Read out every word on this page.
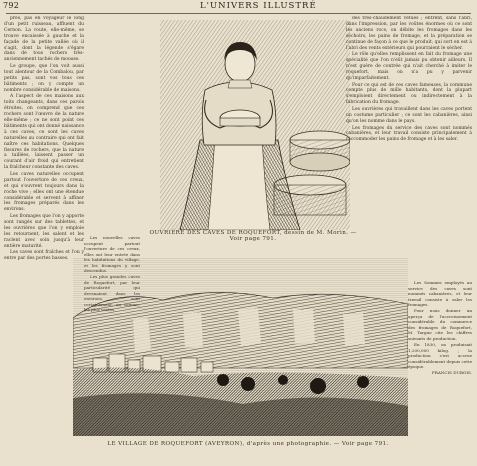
792	L'UNIVERS ILLUSTRÉ

prés, pas en voyageur le long d'un petit ruisseau, affluent du Cernon. La route, elle-même, se trouve encaissée à gauche et la façade de la petite vallée où il s'agit, dont la légende s'égare dans de tous rochers très-anciennement tachés de mousse.

Le groupe, que l'on voit aussi tout alentour de la Combalou, par petits pas, sont vos tous ces bâtiments ; on y compte un nombre considérable de maisons.

A l'aspect de ces maisons aux toits changeants, dans ces parois étroites, on comprend que ces rochers sont l'œuvre de la nature elle-même ; ce ne sont point ces bâtiments qui ont donné naissance à ces caves, ce sont les caves naturelles au contraire qui ont fait naître ces habitations. Quelques fissures de rochers, que la nature a taillées, laissent passer un courant d'air froid qui entretient la fraîcheur constante des caves.

Les caves naturelles occupent partout l'ouverture de ces creux, et qui s'ouvrent toujours dans la roche vive ; elles ont une étendue considérable et servent à affiner les fromages préparés dans les environs.

Les fromages que l'on y apporte sont rangés sur des tablettes, et les ouvrières que l'on y emploie les retournent, les salent et les raclent avec soin jusqu'à leur entière maturité.

Les caves sont fraîches et l'on y entre par des portes basses.

Les nouvelles caves occupent partout l'ouverture de ces creux, elles ont leur entrée dans

OUVRIÈRE DES CAVES DE ROQUEFORT, dessin de M. Morin. — Voir page 791.

des très-chaudement vêtues ; entrent, sans l'abri, dans l'impression, par les voûtes énormes où ce sont les anciens rocs, on débite les fromages dans les séchoirs, les pains de fromage, et la préparation se continue de façon à ce que le produit, qui sort en est à l'abri des vents extérieurs qui pourraient le sécher.

Le rôle qu'elles remplissent en fait du fromage une spécialité que l'on n'eût jamais pu obtenir ailleurs. Il n'est guère de contrée qui n'ait cherché à imiter le roquefort, mais on n'a pu y parvenir qu'imparfaitement.

Pour ce qui est de ces caves fameuses, la commune compte plus de mille habitants, dont la plupart s'emploient directement ou indirectement à la fabrication du fromage.

Les ouvrières qui travaillent dans les caves portent un costume particulier ; ce sont les cabanières, ainsi qu'on les nomme dans le pays.

Les fromages du service des caves sont nommés cabanières, et leur travail consiste principalement à raccommoder les pains de fromage et à les saler.

LE VILLAGE DE ROQUEFORT (AVEYRON), d'après une photographie. — Voir page 791.

Les Sommes employés au service des caves sont nommés cabanières, et leur travail consiste à saler les fromages.

Pour nous donner un aperçu de l'accroissement considérable du commerce des fromages de Roquefort, M. Targue cite les chiffres suivants de production.

En 1830, on produisait 1,200,000 kilog. ; la production s'est accrue considérablement depuis cette époque.

FRANCIS DUBOIS.
